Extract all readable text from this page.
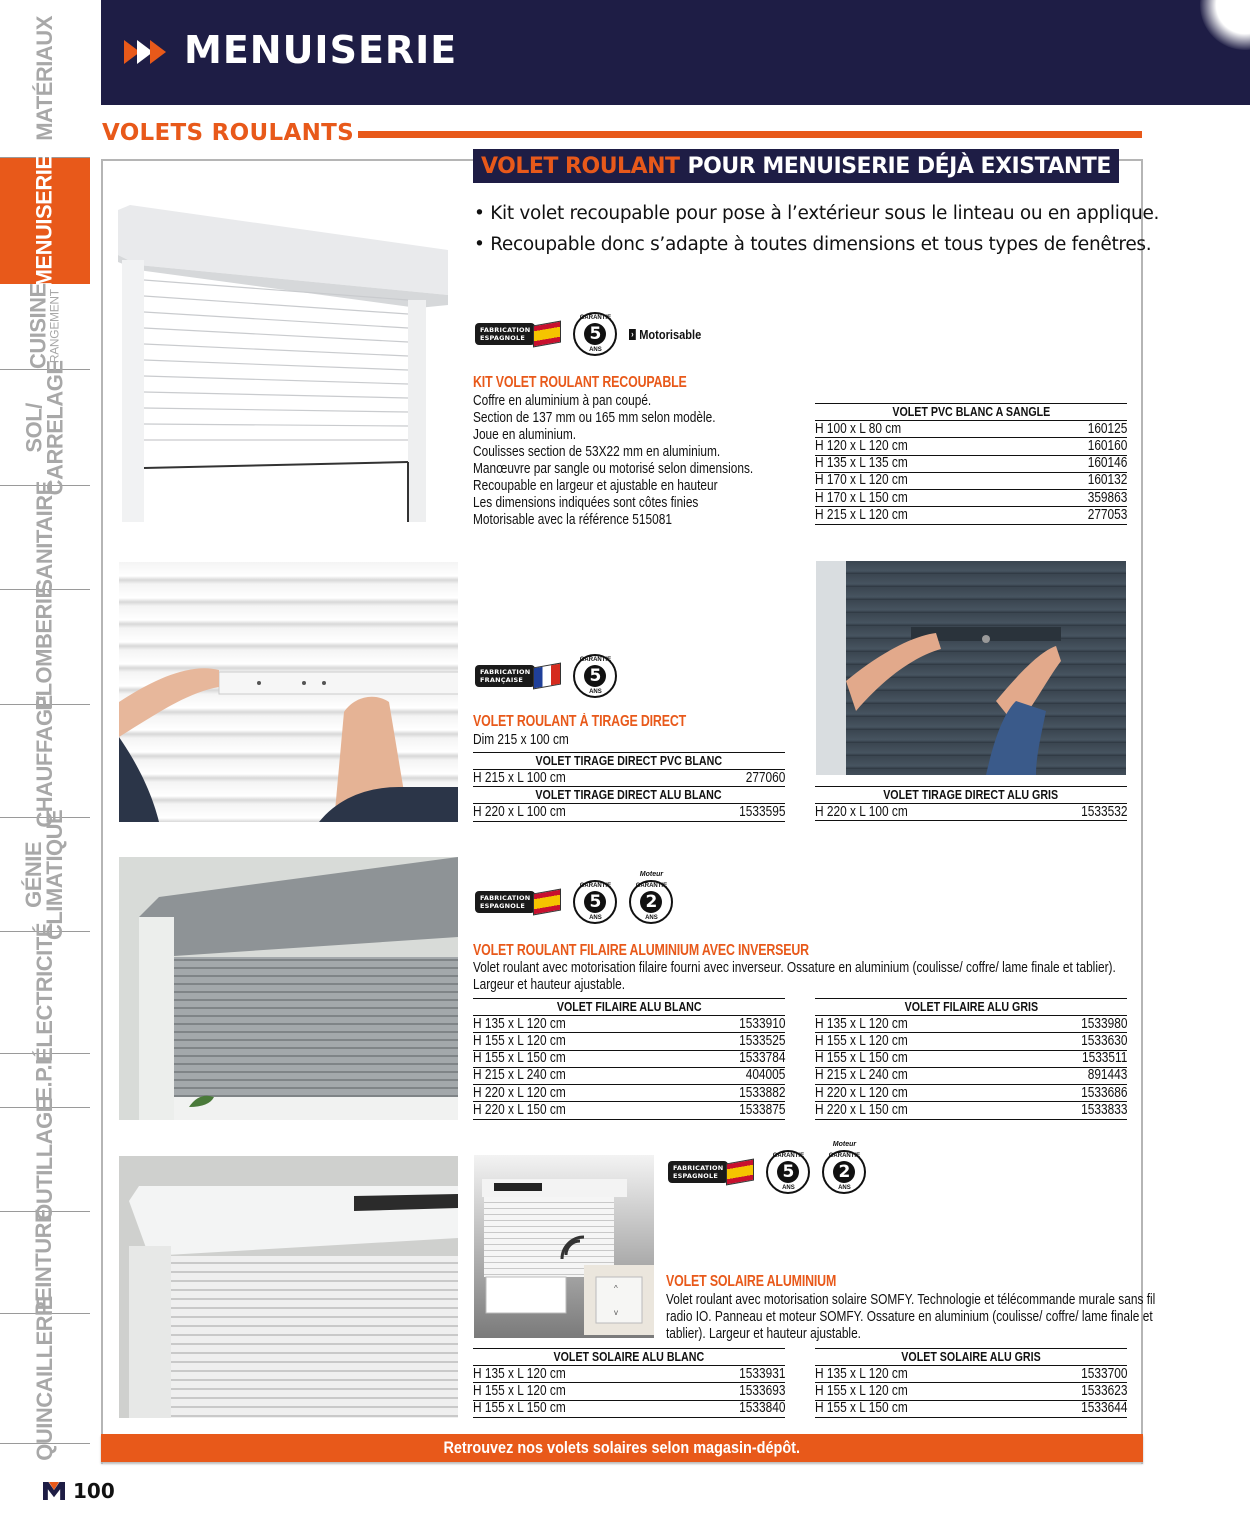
MATÉRIAUX
MENUISERIE
CUISINE
RANGEMENT
SOL/
CARRELAGE
SANITAIRE
PLOMBERIE
CHAUFFAGE
GÉNIE
CLIMATIQUE
ÉLECTRICITÉ
E.P.I
OUTILLAGE
PEINTURE
QUINCAILLERIE
MENUISERIE
VOLETS ROULANTS
VOLET ROULANT POUR MENUISERIE DÉJÀ EXISTANTE
• Kit volet recoupable pour pose à l’extérieur sous le linteau ou en applique.
• Recoupable donc s’adapte à toutes dimensions et tous types de fenêtres.
^
v
FABRICATION
ESPAGNOLE
GARANTIE
5
ANS
› Motorisable
KIT VOLET ROULANT RECOUPABLE
Coffre en aluminium à pan coupé.
Section de 137 mm ou 165 mm selon modèle.
Joue en aluminium.
Coulisses section de 53X22 mm en aluminium.
Manœuvre par sangle ou motorisé selon dimensions.
Recoupable en largeur et ajustable en hauteur
Les dimensions indiquées sont côtes finies
Motorisable avec la référence 515081
VOLET PVC BLANC A SANGLE
H 100 x L 80 cm	160125
H 120 x L 120 cm	160160
H 135 x L 135 cm	160146
H 170 x L 120 cm	160132
H 170 x L 150 cm	359863
H 215 x L 120 cm	277053
FABRICATION
FRANÇAISE
GARANTIE
5
ANS
VOLET ROULANT À TIRAGE DIRECT
Dim 215 x 100 cm
VOLET TIRAGE DIRECT PVC BLANC
H 215 x L 100 cm	277060
VOLET TIRAGE DIRECT ALU BLANC
H 220 x L 100 cm	1533595
VOLET TIRAGE DIRECT ALU GRIS
H 220 x L 100 cm	1533532
FABRICATION
ESPAGNOLE
GARANTIE
5
ANS
Moteur
GARANTIE
2
ANS
VOLET ROULANT FILAIRE ALUMINIUM AVEC INVERSEUR
Volet roulant avec motorisation filaire fourni avec inverseur. Ossature en aluminium (coulisse/ coffre/ lame finale et tablier).
Largeur et hauteur ajustable.
VOLET FILAIRE ALU BLANC
H 135 x L 120 cm	1533910
H 155 x L 120 cm	1533525
H 155 x L 150 cm	1533784
H 215 x L 240 cm	404005
H 220 x L 120 cm	1533882
H 220 x L 150 cm	1533875
VOLET FILAIRE ALU GRIS
H 135 x L 120 cm	1533980
H 155 x L 120 cm	1533630
H 155 x L 150 cm	1533511
H 215 x L 240 cm	891443
H 220 x L 120 cm	1533686
H 220 x L 150 cm	1533833
FABRICATION
ESPAGNOLE
GARANTIE
5
ANS
Moteur
GARANTIE
2
ANS
VOLET SOLAIRE ALUMINIUM
Volet roulant avec motorisation solaire SOMFY. Technologie et télécommande murale sans fil
radio IO. Panneau et moteur SOMFY. Ossature en aluminium (coulisse/ coffre/ lame finale et
tablier). Largeur et hauteur ajustable.
VOLET SOLAIRE ALU BLANC
H 135 x L 120 cm	1533931
H 155 x L 120 cm	1533693
H 155 x L 150 cm	1533840
VOLET SOLAIRE ALU GRIS
H 135 x L 120 cm	1533700
H 155 x L 120 cm	1533623
H 155 x L 150 cm	1533644
Retrouvez nos volets solaires selon magasin-dépôt.
100
